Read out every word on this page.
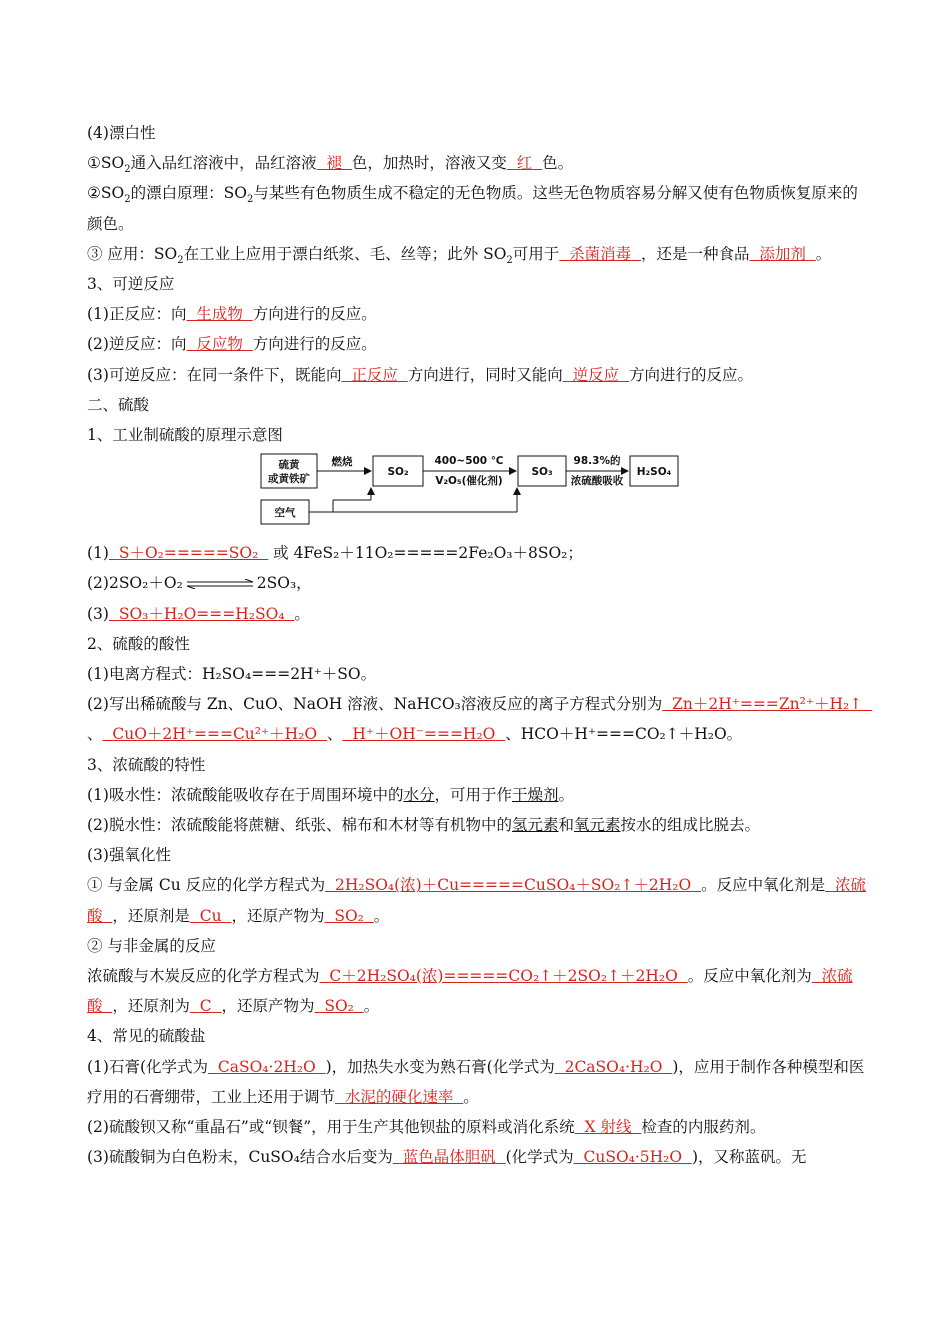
(4)漂白性
$①SO_2$通入品红溶液中，品红溶液 褪 色，加热时，溶液又变 红 色。
$②SO_2$的漂白原理：$SO_2$与某些有色物质生成不稳定的无色物质。这些无色物质容易分解又使有色物质恢复原来的颜色。
③ 应用：$SO_2$在工业上应用于漂白纸浆、毛、丝等；此外 $SO_2$可用于 杀菌消毒 ，还是一种食品 添加剂 。
3、可逆反应
(1)正反应：向 生成物 方向进行的反应。
(2)逆反应：向 反应物 方向进行的反应。
(3)可逆反应：在同一条件下，既能向 正反应 方向进行，同时又能向 逆反应 方向进行的反应。
二、硫酸
1、工业制硫酸的原理示意图
硫黄
或黄铁矿
燃烧
SO₂
400~500 ℃
V₂O₅(催化剂)
SO₃
98.3%的
浓硫酸吸收
H₂SO₄
空气
(1) S＋O₂=====SO₂ 或 4FeS₂＋11O₂=====2Fe₂O₃＋8SO₂；
(2)2SO₂＋O₂	2SO₃，
(3) SO₃＋H₂O===H₂SO₄ 。
2、硫酸的酸性
(1)电离方程式：H₂SO₄===2H⁺＋SO。
(2)写出稀硫酸与 Zn、CuO、NaOH 溶液、NaHCO₃溶液反应的离子方程式分别为 Zn＋2H⁺===Zn²⁺＋H₂↑
、 CuO＋2H⁺===Cu²⁺＋H₂O 、 H⁺＋OH⁻===H₂O 、HCO＋H⁺===CO₂↑＋H₂O。
3、浓硫酸的特性
(1)吸水性：浓硫酸能吸收存在于周围环境中的水分，可用于作干燥剂。
(2)脱水性：浓硫酸能将蔗糖、纸张、棉布和木材等有机物中的氢元素和氧元素按水的组成比脱去。
(3)强氧化性
① 与金属 Cu 反应的化学方程式为 2H₂SO₄(浓)＋Cu=====CuSO₄＋SO₂↑＋2H₂O 。反应中氧化剂是 浓硫酸 ，还原剂是 Cu ，还原产物为 SO₂ 。
② 与非金属的反应
浓硫酸与木炭反应的化学方程式为 C＋2H₂SO₄(浓)=====CO₂↑＋2SO₂↑＋2H₂O 。反应中氧化剂为 浓硫酸 ，还原剂为 C ，还原产物为 SO₂ 。
4、常见的硫酸盐
(1)石膏(化学式为 CaSO₄·2H₂O )，加热失水变为熟石膏(化学式为 2CaSO₄·H₂O )，应用于制作各种模型和医疗用的石膏绷带，工业上还用于调节 水泥的硬化速率 。
(2)硫酸钡又称“重晶石”或“钡餐”，用于生产其他钡盐的原料或消化系统 X 射线 检查的内服药剂。
(3)硫酸铜为白色粉末，CuSO₄结合水后变为 蓝色晶体胆矾 (化学式为 CuSO₄·5H₂O )，又称蓝矾。无
